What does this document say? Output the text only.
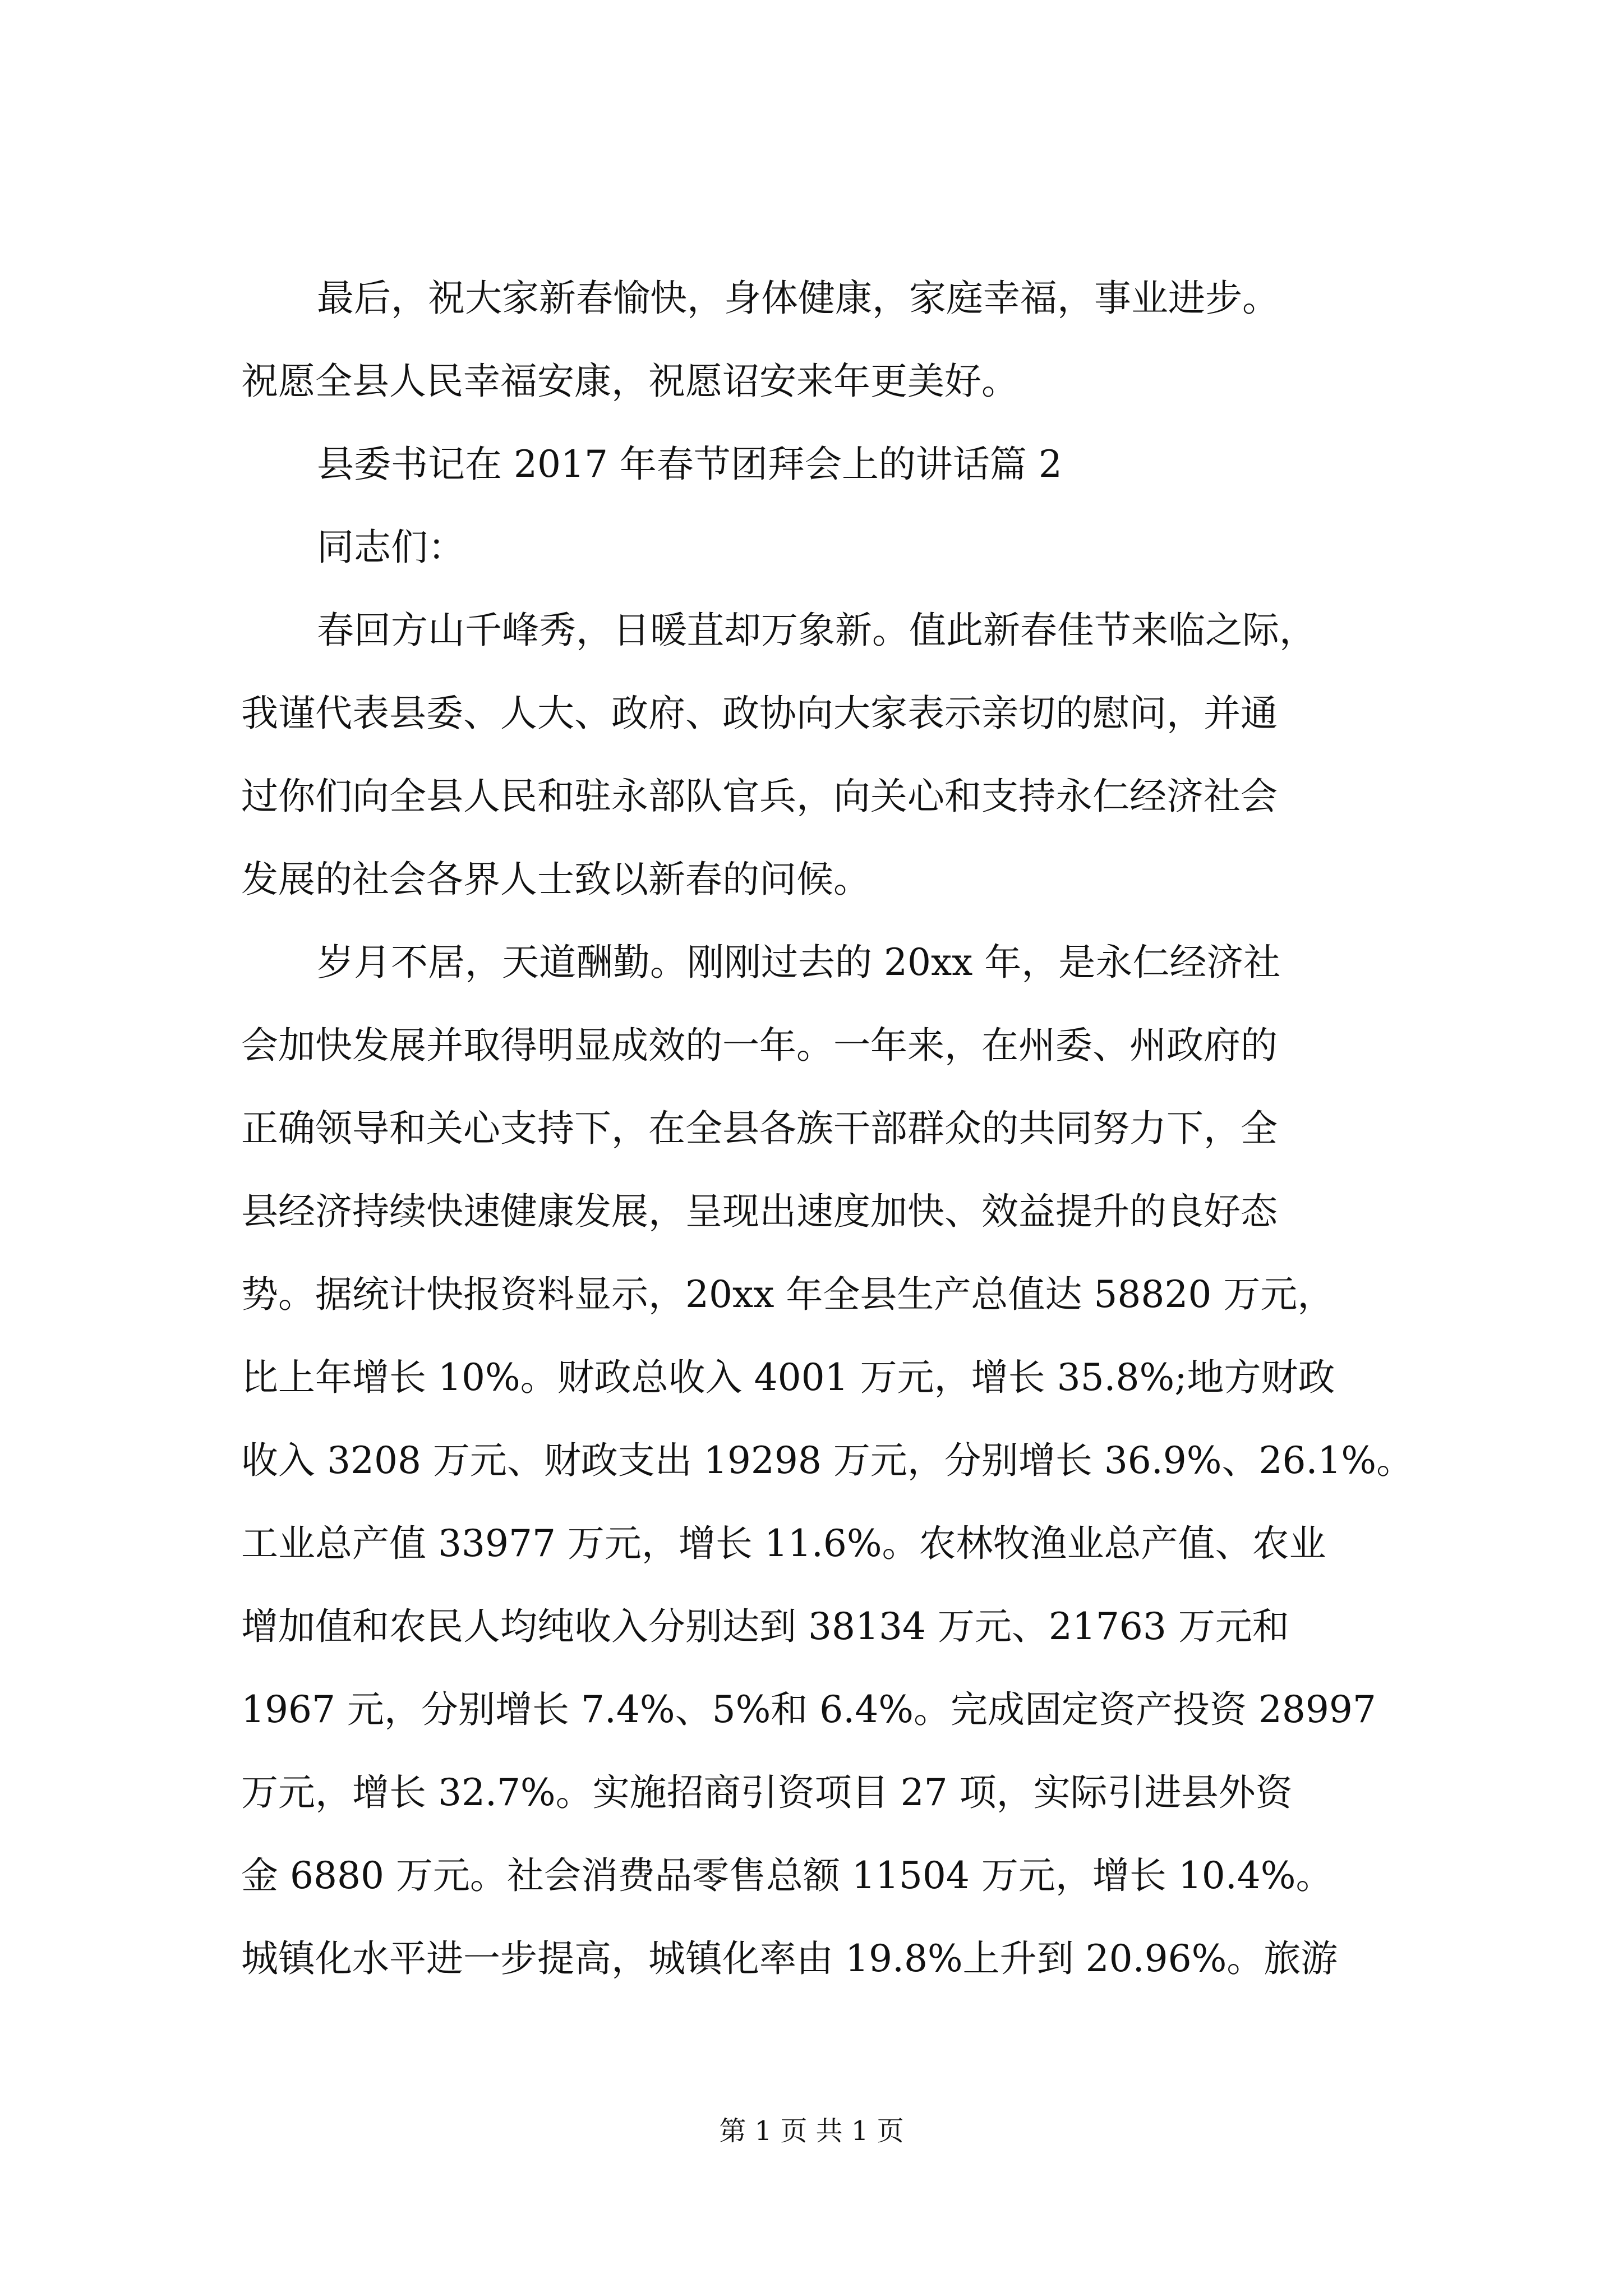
最后，祝大家新春愉快，身体健康，家庭幸福，事业进步。
祝愿全县人民幸福安康，祝愿诏安来年更美好。
县委书记在 2017 年春节团拜会上的讲话篇 2
同志们：
春回方山千峰秀，日暖苴却万象新。值此新春佳节来临之际，
我谨代表县委、人大、政府、政协向大家表示亲切的慰问，并通
过你们向全县人民和驻永部队官兵，向关心和支持永仁经济社会
发展的社会各界人士致以新春的问候。
岁月不居，天道酬勤。刚刚过去的 20xx 年，是永仁经济社
会加快发展并取得明显成效的一年。一年来，在州委、州政府的
正确领导和关心支持下，在全县各族干部群众的共同努力下，全
县经济持续快速健康发展，呈现出速度加快、效益提升的良好态
势。据统计快报资料显示，20xx 年全县生产总值达 58820 万元，
比上年增长 10%。财政总收入 4001 万元，增长 35.8%;地方财政
收入 3208 万元、财政支出 19298 万元，分别增长 36.9%、26.1%。
工业总产值 33977 万元，增长 11.6%。农林牧渔业总产值、农业
增加值和农民人均纯收入分别达到 38134 万元、21763 万元和
1967 元，分别增长 7.4%、5%和 6.4%。完成固定资产投资 28997
万元，增长 32.7%。实施招商引资项目 27 项，实际引进县外资
金 6880 万元。社会消费品零售总额 11504 万元，增长 10.4%。
城镇化水平进一步提高，城镇化率由 19.8%上升到 20.96%。旅游
第 1 页 共 1 页
